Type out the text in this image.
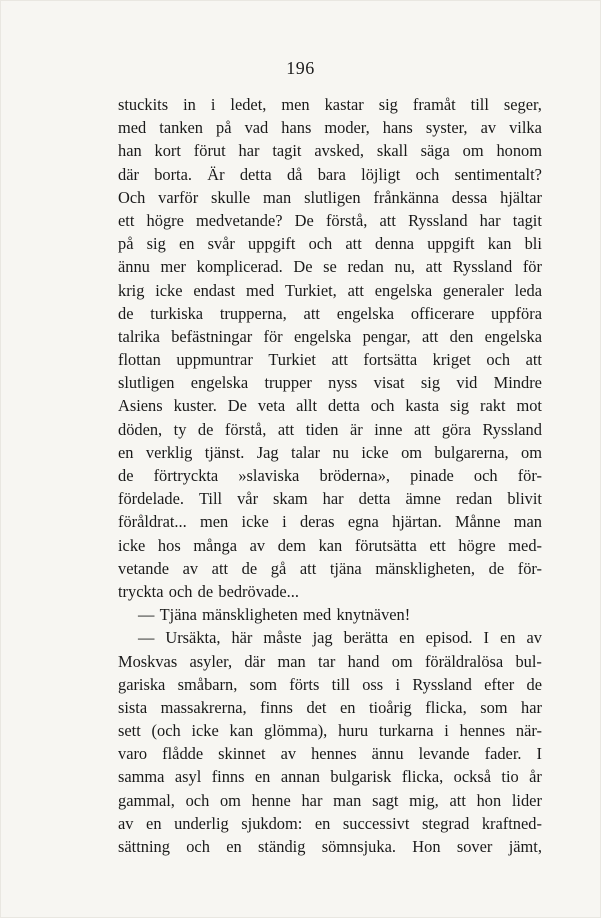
196
stuckits in i ledet, men kastar sig framåt till seger,
med tanken på vad hans moder, hans syster, av vilka
han kort förut har tagit avsked, skall säga om honom
där borta. Är detta då bara löjligt och sentimentalt?
Och varför skulle man slutligen frånkänna dessa hjältar
ett högre medvetande? De förstå, att Ryssland har tagit
på sig en svår uppgift och att denna uppgift kan bli
ännu mer komplicerad. De se redan nu, att Ryssland för
krig icke endast med Turkiet, att engelska generaler leda
de turkiska trupperna, att engelska officerare uppföra
talrika befästningar för engelska pengar, att den engelska
flottan uppmuntrar Turkiet att fortsätta kriget och att
slutligen engelska trupper nyss visat sig vid Mindre
Asiens kuster. De veta allt detta och kasta sig rakt mot
döden, ty de förstå, att tiden är inne att göra Ryssland
en verklig tjänst. Jag talar nu icke om bulgarerna, om
de förtryckta »slaviska bröderna», pinade och för-
fördelade. Till vår skam har detta ämne redan blivit
föråldrat... men icke i deras egna hjärtan. Månne man
icke hos många av dem kan förutsätta ett högre med-
vetande av att de gå att tjäna mänskligheten, de för-
tryckta och de bedrövade...
— Tjäna mänskligheten med knytnäven!
— Ursäkta, här måste jag berätta en episod. I en av
Moskvas asyler, där man tar hand om föräldralösa bul-
gariska småbarn, som förts till oss i Ryssland efter de
sista massakrerna, finns det en tioårig flicka, som har
sett (och icke kan glömma), huru turkarna i hennes när-
varo flådde skinnet av hennes ännu levande fader. I
samma asyl finns en annan bulgarisk flicka, också tio år
gammal, och om henne har man sagt mig, att hon lider
av en underlig sjukdom: en successivt stegrad kraftned-
sättning och en ständig sömnsjuka. Hon sover jämt,
